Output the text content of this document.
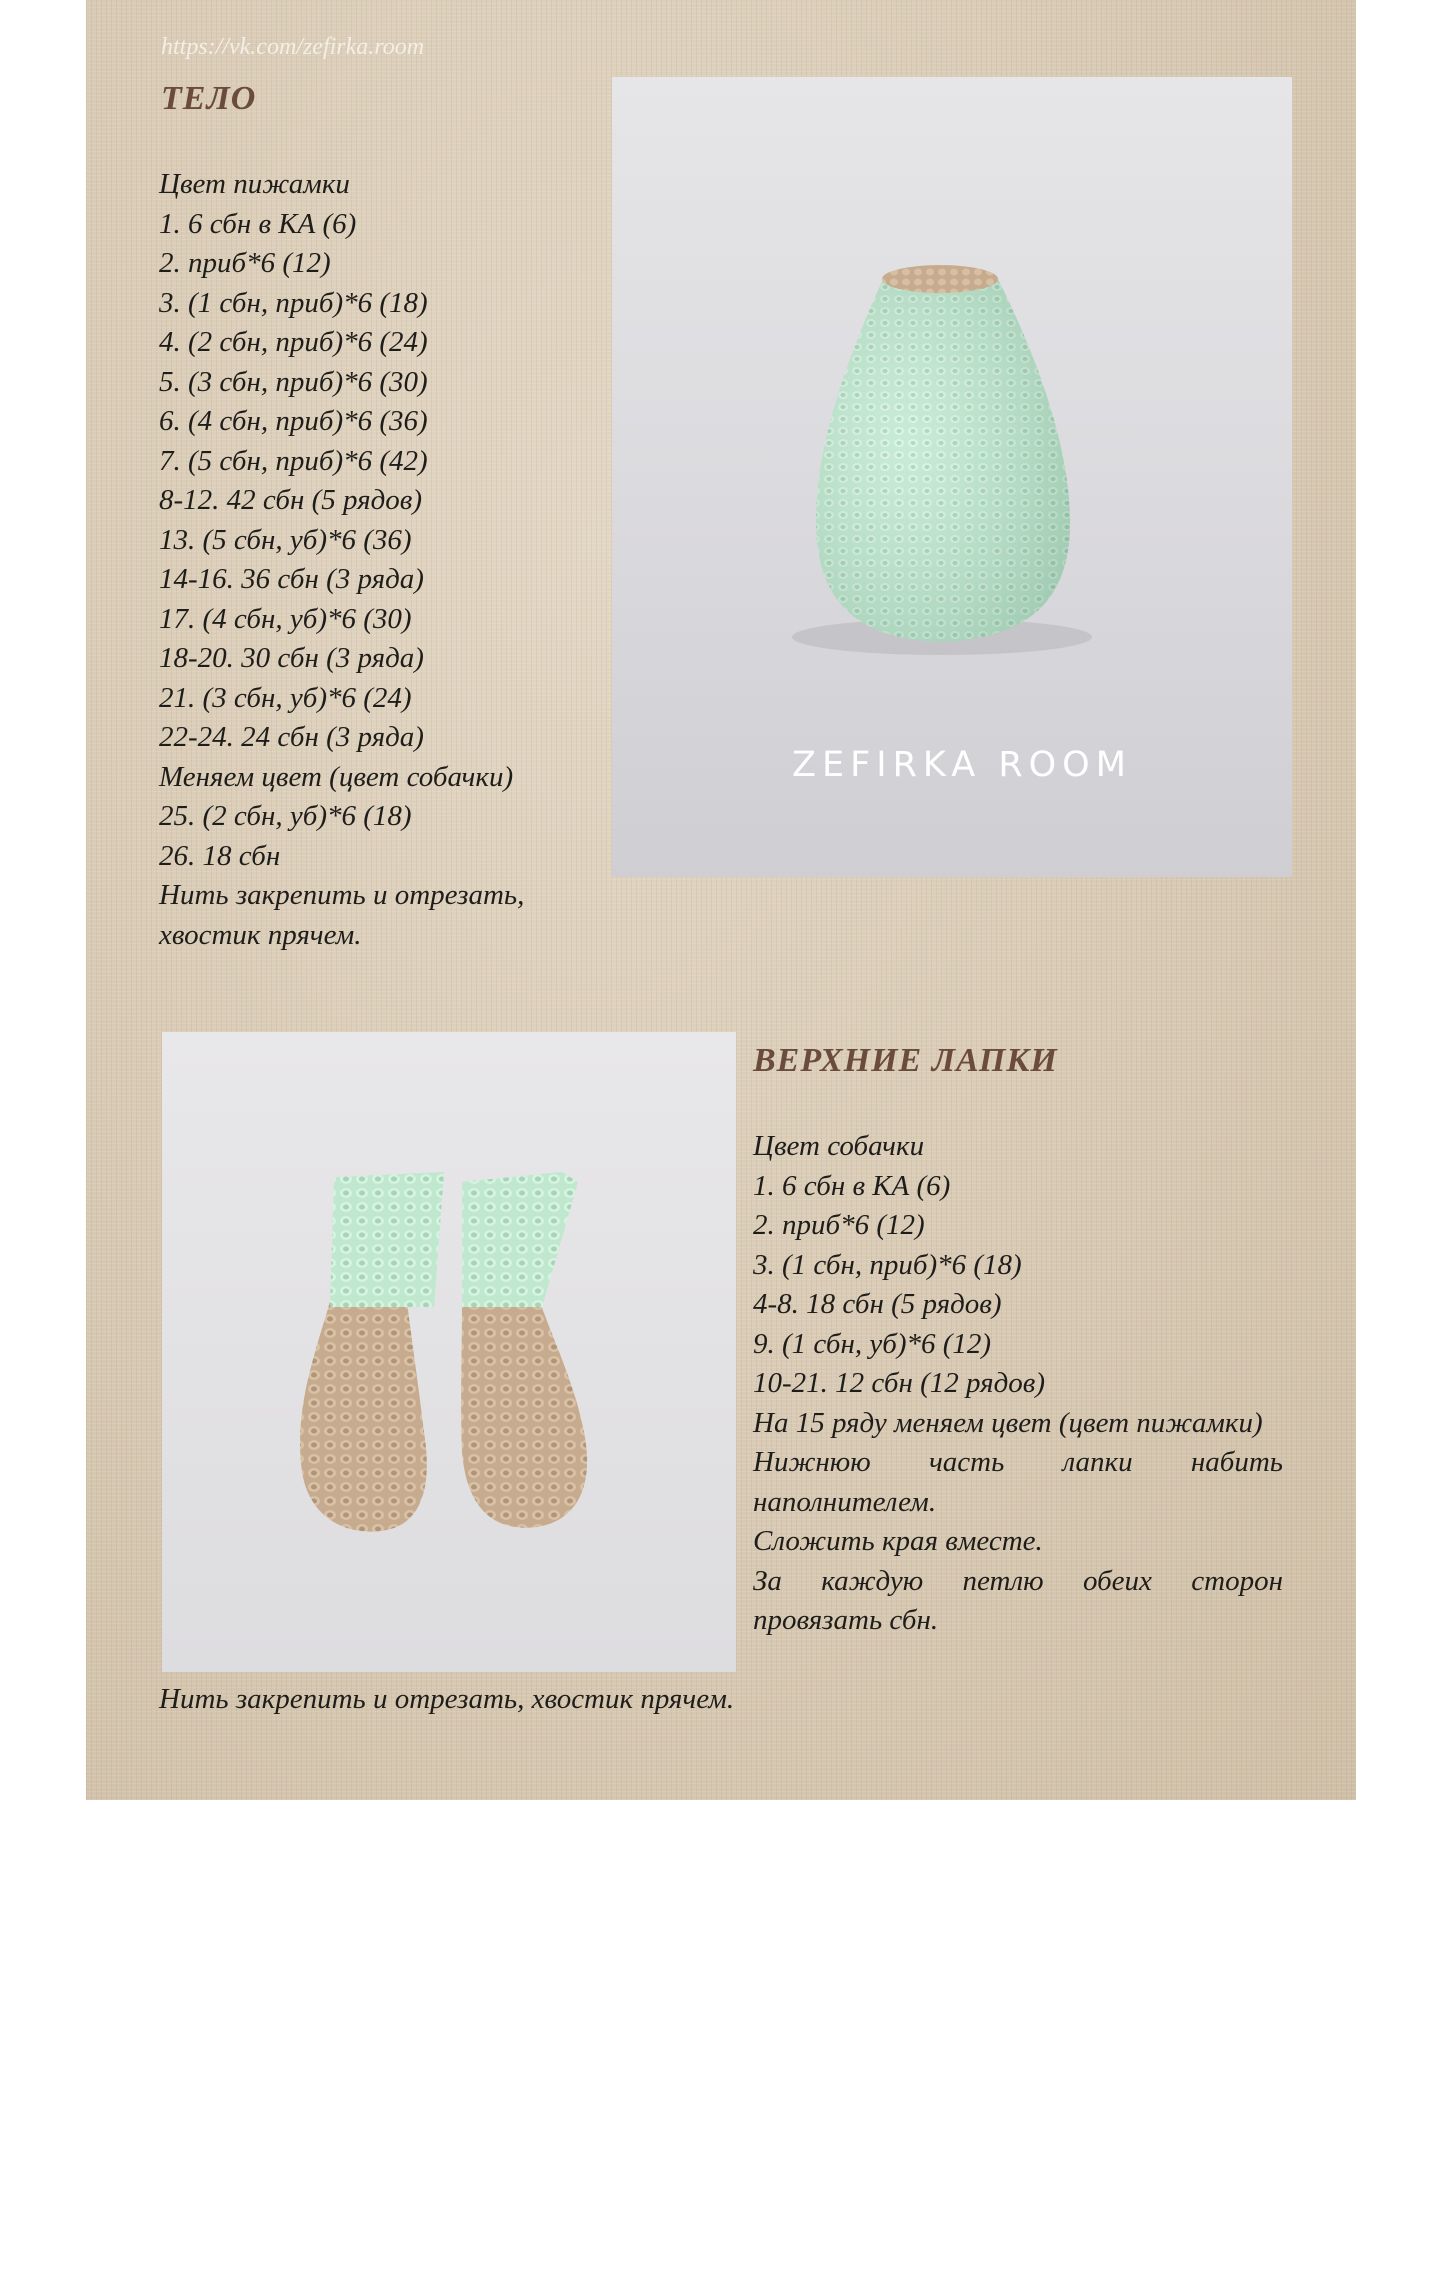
https://vk.com/zefirka.room
ТЕЛО
Цвет пижамки
1. 6 сбн в КА (6)
2. приб*6 (12)
3. (1 сбн, приб)*6 (18)
4. (2 сбн, приб)*6 (24)
5. (3 сбн, приб)*6 (30)
6. (4 сбн, приб)*6 (36)
7. (5 сбн, приб)*6 (42)
8-12. 42 сбн (5 рядов)
13. (5 сбн, уб)*6 (36)
14-16. 36 сбн (3 ряда)
17. (4 сбн, уб)*6 (30)
18-20. 30 сбн (3 ряда)
21. (3 сбн, уб)*6 (24)
22-24. 24 сбн (3 ряда)
Меняем цвет (цвет собачки)
25. (2 сбн, уб)*6 (18)
26. 18 сбн
Нить закрепить и отрезать,
хвостик прячем.
ZEFIRKA ROOM
ZEFIRKA ROOM
ВЕРХНИЕ ЛАПКИ
Цвет собачки
1. 6 сбн в КА (6)
2. приб*6 (12)
3. (1 сбн, приб)*6 (18)
4-8. 18 сбн (5 рядов)
9. (1 сбн, уб)*6 (12)
10-21. 12 сбн (12 рядов)
На 15 ряду меняем цвет (цвет пижамки)
Нижнюю часть лапки набить наполнителем.
Сложить края вместе.
За каждую петлю обеих сторон провязать сбн.
Нить закрепить и отрезать, хвостик прячем.
